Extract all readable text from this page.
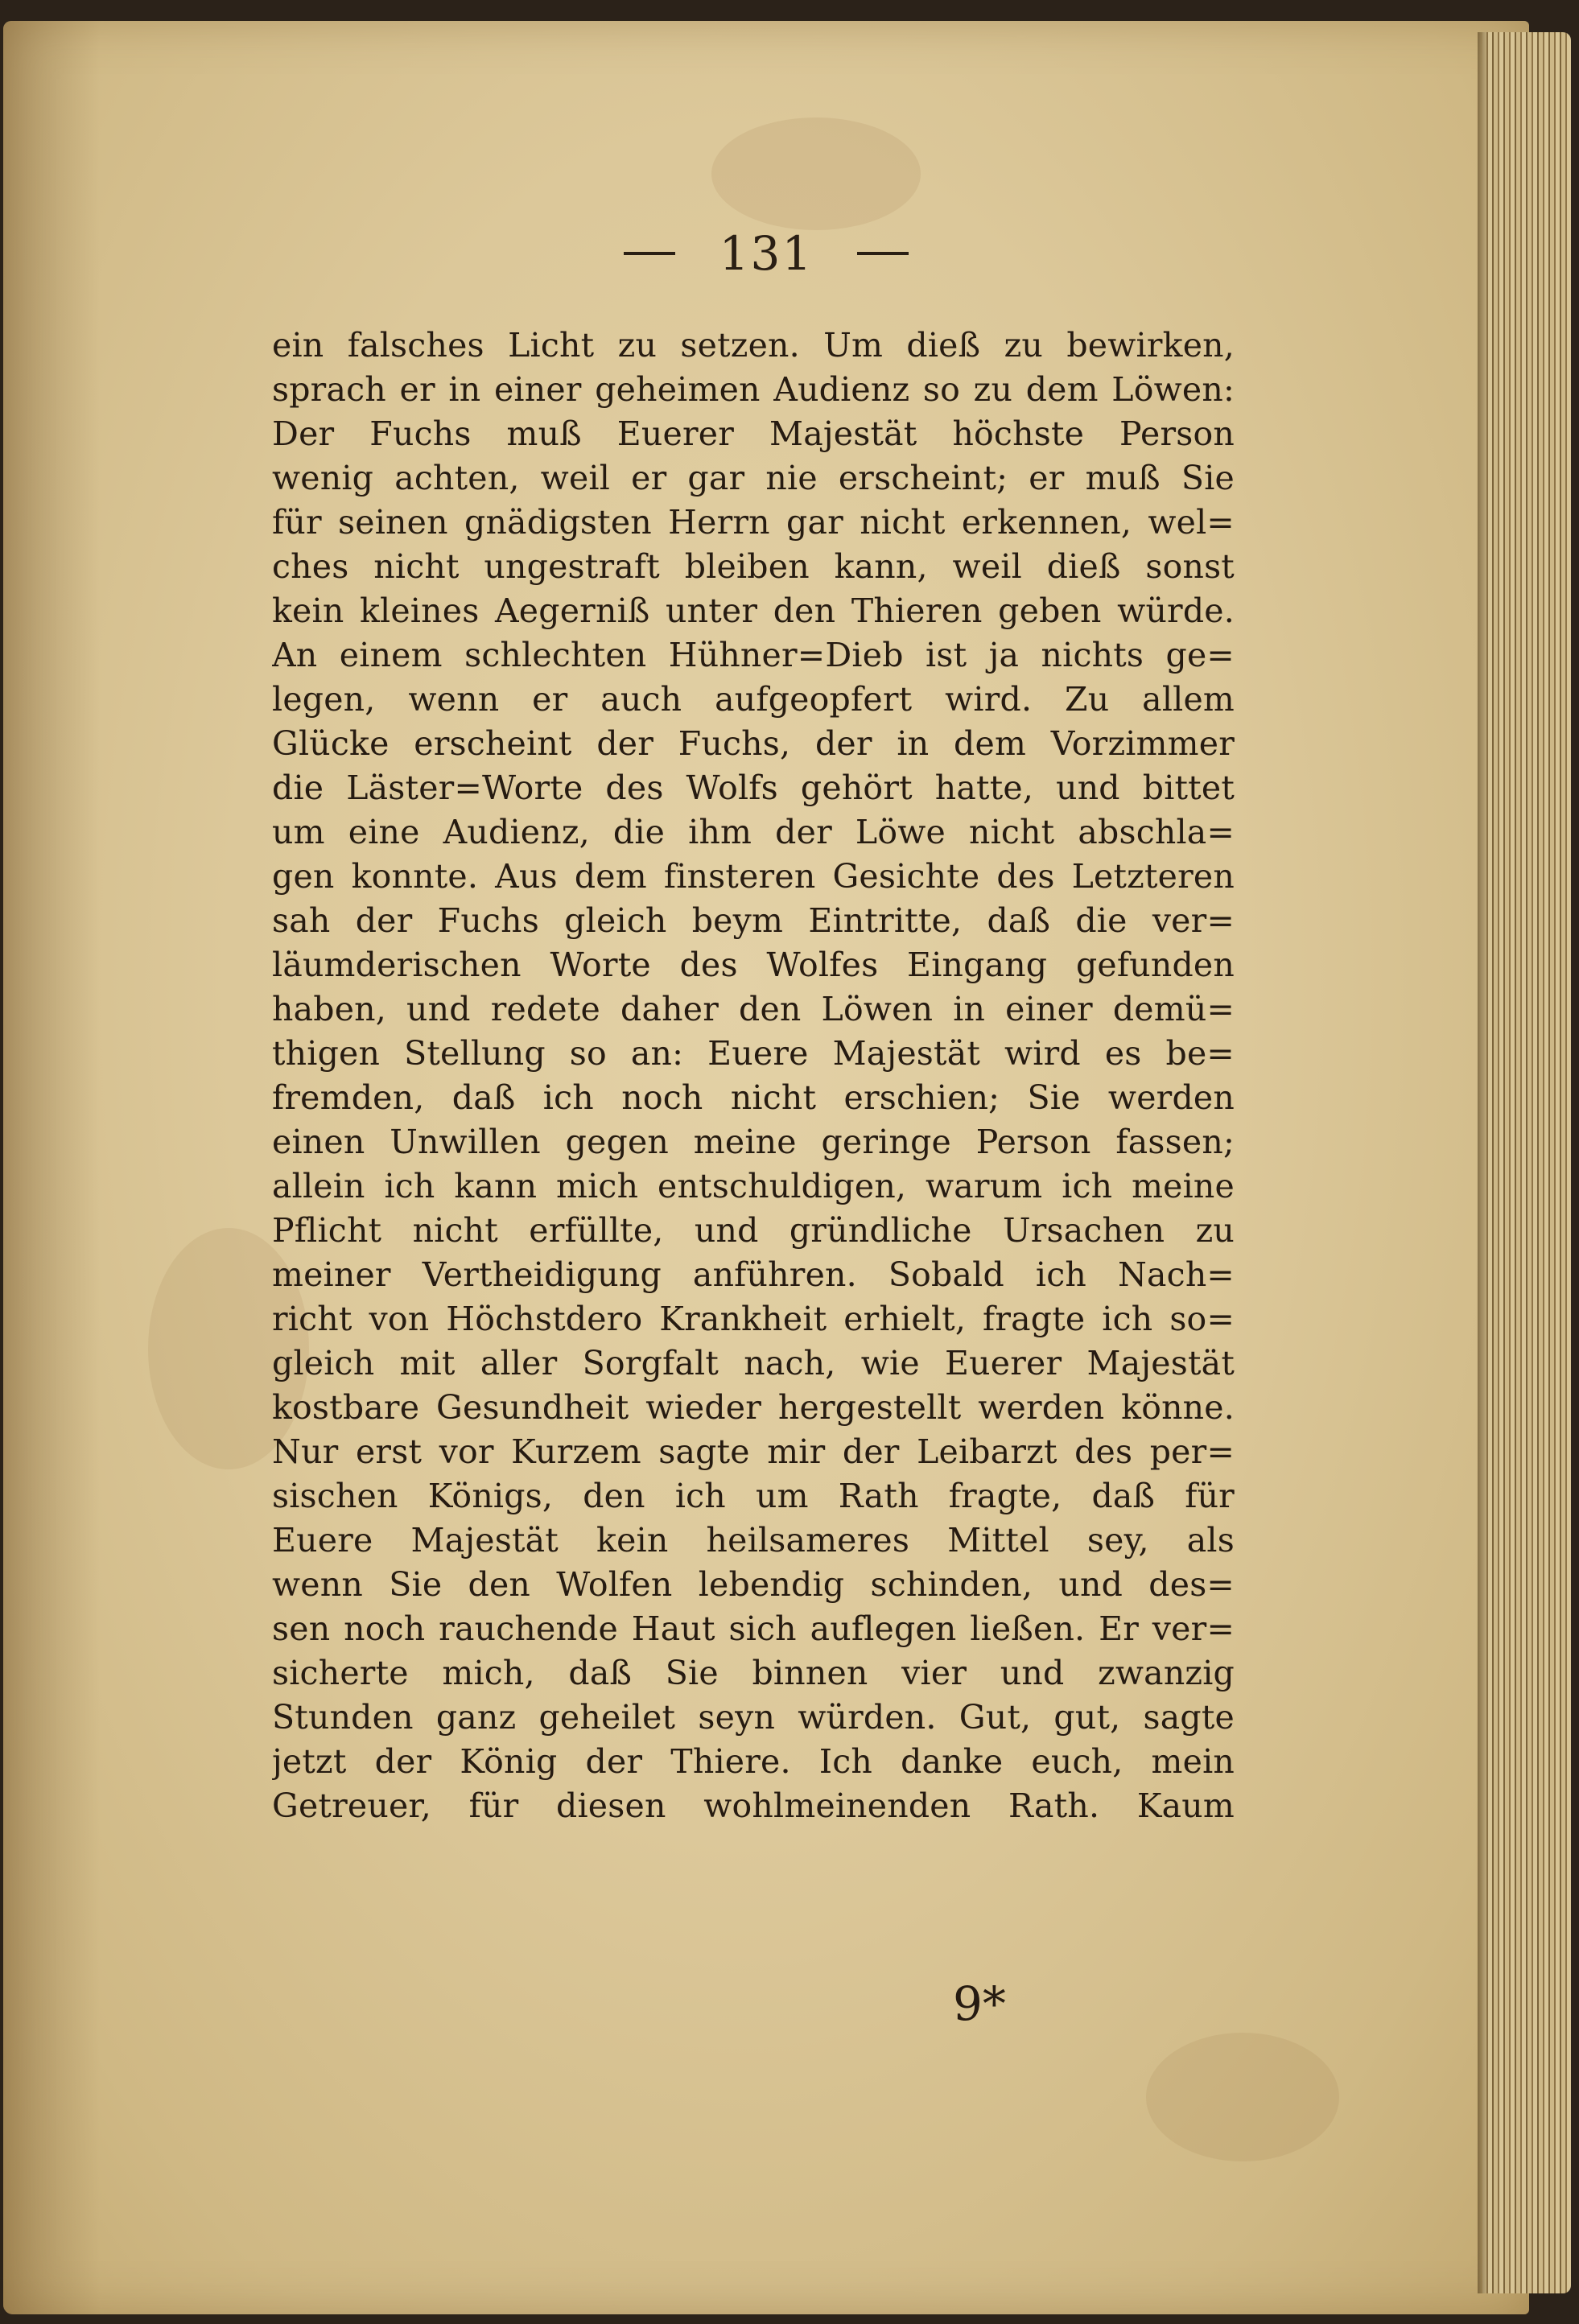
131
ein falsches Licht zu setzen. Um dieß zu bewirken,
sprach er in einer geheimen Audienz so zu dem Löwen:
Der Fuchs muß Euerer Majestät höchste Person
wenig achten, weil er gar nie erscheint; er muß Sie
für seinen gnädigsten Herrn gar nicht erkennen, wel=
ches nicht ungestraft bleiben kann, weil dieß sonst
kein kleines Aegerniß unter den Thieren geben würde.
An einem schlechten Hühner=Dieb ist ja nichts ge=
legen, wenn er auch aufgeopfert wird. Zu allem
Glücke erscheint der Fuchs, der in dem Vorzimmer
die Läster=Worte des Wolfs gehört hatte, und bittet
um eine Audienz, die ihm der Löwe nicht abschla=
gen konnte. Aus dem finsteren Gesichte des Letzteren
sah der Fuchs gleich beym Eintritte, daß die ver=
läumderischen Worte des Wolfes Eingang gefunden
haben, und redete daher den Löwen in einer demü=
thigen Stellung so an: Euere Majestät wird es be=
fremden, daß ich noch nicht erschien; Sie werden
einen Unwillen gegen meine geringe Person fassen;
allein ich kann mich entschuldigen, warum ich meine
Pflicht nicht erfüllte, und gründliche Ursachen zu
meiner Vertheidigung anführen. Sobald ich Nach=
richt von Höchstdero Krankheit erhielt, fragte ich so=
gleich mit aller Sorgfalt nach, wie Euerer Majestät
kostbare Gesundheit wieder hergestellt werden könne.
Nur erst vor Kurzem sagte mir der Leibarzt des per=
sischen Königs, den ich um Rath fragte, daß für
Euere Majestät kein heilsameres Mittel sey, als
wenn Sie den Wolfen lebendig schinden, und des=
sen noch rauchende Haut sich auflegen ließen. Er ver=
sicherte mich, daß Sie binnen vier und zwanzig
Stunden ganz geheilet seyn würden. Gut, gut, sagte
jetzt der König der Thiere. Ich danke euch, mein
Getreuer, für diesen wohlmeinenden Rath. Kaum
9*
